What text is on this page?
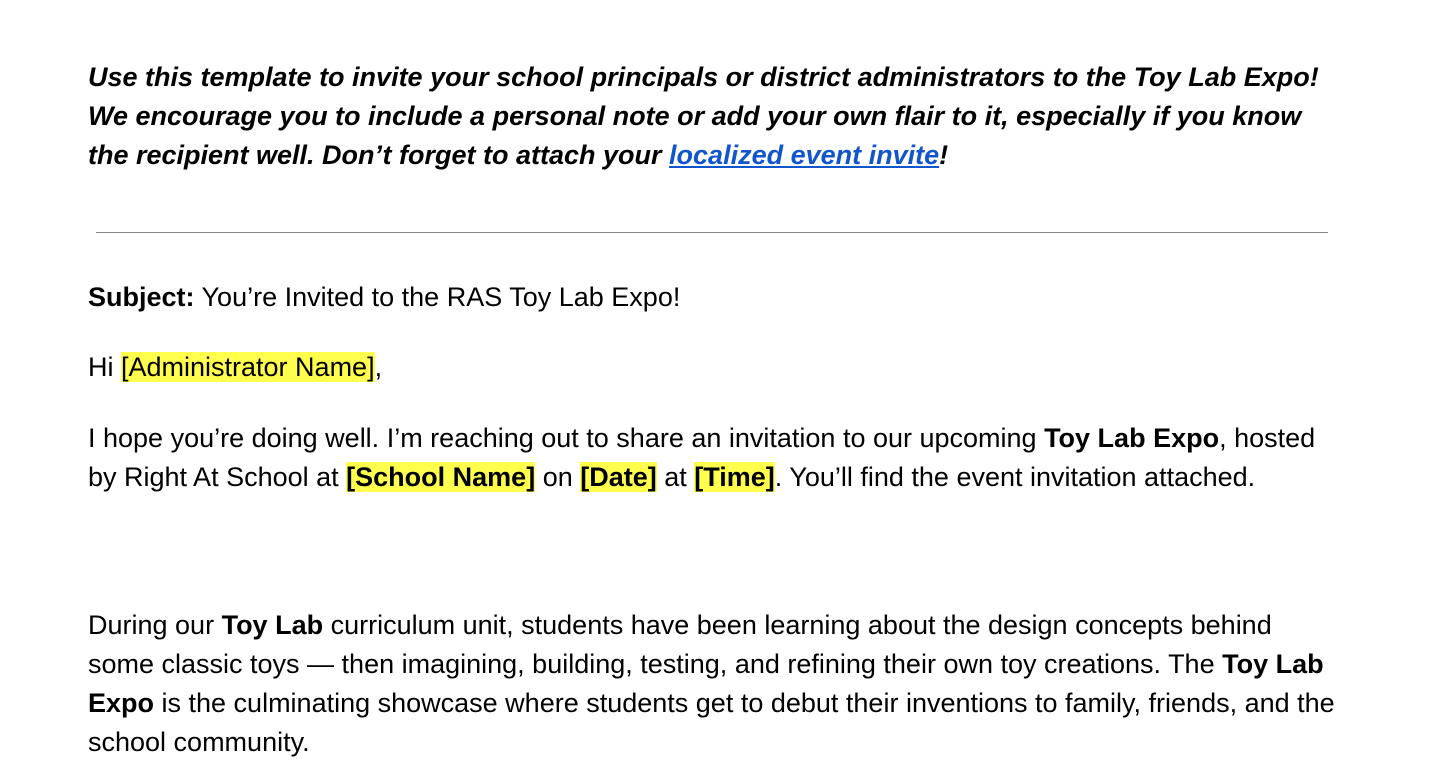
Use this template to invite your school principals or district administrators to the Toy Lab Expo! We encourage you to include a personal note or add your own flair to it, especially if you know the recipient well. Don’t forget to attach your localized event invite!

Subject: You’re Invited to the RAS Toy Lab Expo!

Hi [Administrator Name],

I hope you’re doing well. I’m reaching out to share an invitation to our upcoming Toy Lab Expo, hosted by Right At School at [School Name] on [Date] at [Time]. You’ll find the event invitation attached.

During our Toy Lab curriculum unit, students have been learning about the design concepts behind some classic toys — then imagining, building, testing, and refining their own toy creations. The Toy Lab Expo is the culminating showcase where students get to debut their inventions to family, friends, and the school community.
